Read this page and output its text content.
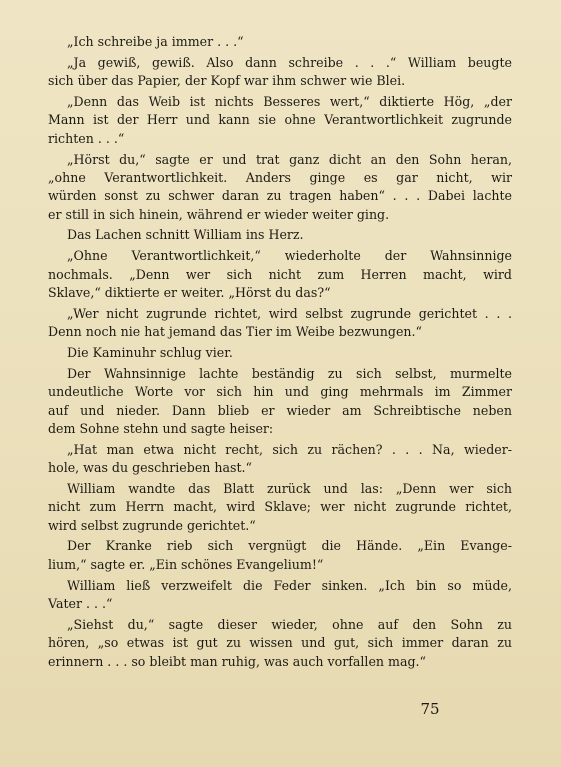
„Ich schreibe ja immer . . .“
„Ja gewiß, gewiß. Also dann schreibe . . .“ William beugte
sich über das Papier, der Kopf war ihm schwer wie Blei.
„Denn das Weib ist nichts Besseres wert,“ diktierte Hög, „der
Mann ist der Herr und kann sie ohne Verantwortlichkeit zugrunde
richten . . .“
„Hörst du,“ sagte er und trat ganz dicht an den Sohn heran,
„ohne Verantwortlichkeit. Anders ginge es gar nicht, wir
würden sonst zu schwer daran zu tragen haben“ . . . Dabei lachte
er still in sich hinein, während er wieder weiter ging.
Das Lachen schnitt William ins Herz.
„Ohne Verantwortlichkeit,“ wiederholte der Wahnsinnige
nochmals. „Denn wer sich nicht zum Herren macht, wird
Sklave,“ diktierte er weiter. „Hörst du das?“
„Wer nicht zugrunde richtet, wird selbst zugrunde gerichtet . . .
Denn noch nie hat jemand das Tier im Weibe bezwungen.“
Die Kaminuhr schlug vier.
Der Wahnsinnige lachte beständig zu sich selbst, murmelte
undeutliche Worte vor sich hin und ging mehrmals im Zimmer
auf und nieder. Dann blieb er wieder am Schreibtische neben
dem Sohne stehn und sagte heiser:
„Hat man etwa nicht recht, sich zu rächen? . . . Na, wieder-
hole, was du geschrieben hast.“
William wandte das Blatt zurück und las: „Denn wer sich
nicht zum Herrn macht, wird Sklave; wer nicht zugrunde richtet,
wird selbst zugrunde gerichtet.“
Der Kranke rieb sich vergnügt die Hände. „Ein Evange-
lium,“ sagte er. „Ein schönes Evangelium!“
William ließ verzweifelt die Feder sinken. „Ich bin so müde,
Vater . . .“
„Siehst du,“ sagte dieser wieder, ohne auf den Sohn zu
hören, „so etwas ist gut zu wissen und gut, sich immer daran zu
erinnern . . . so bleibt man ruhig, was auch vorfallen mag.“
75
